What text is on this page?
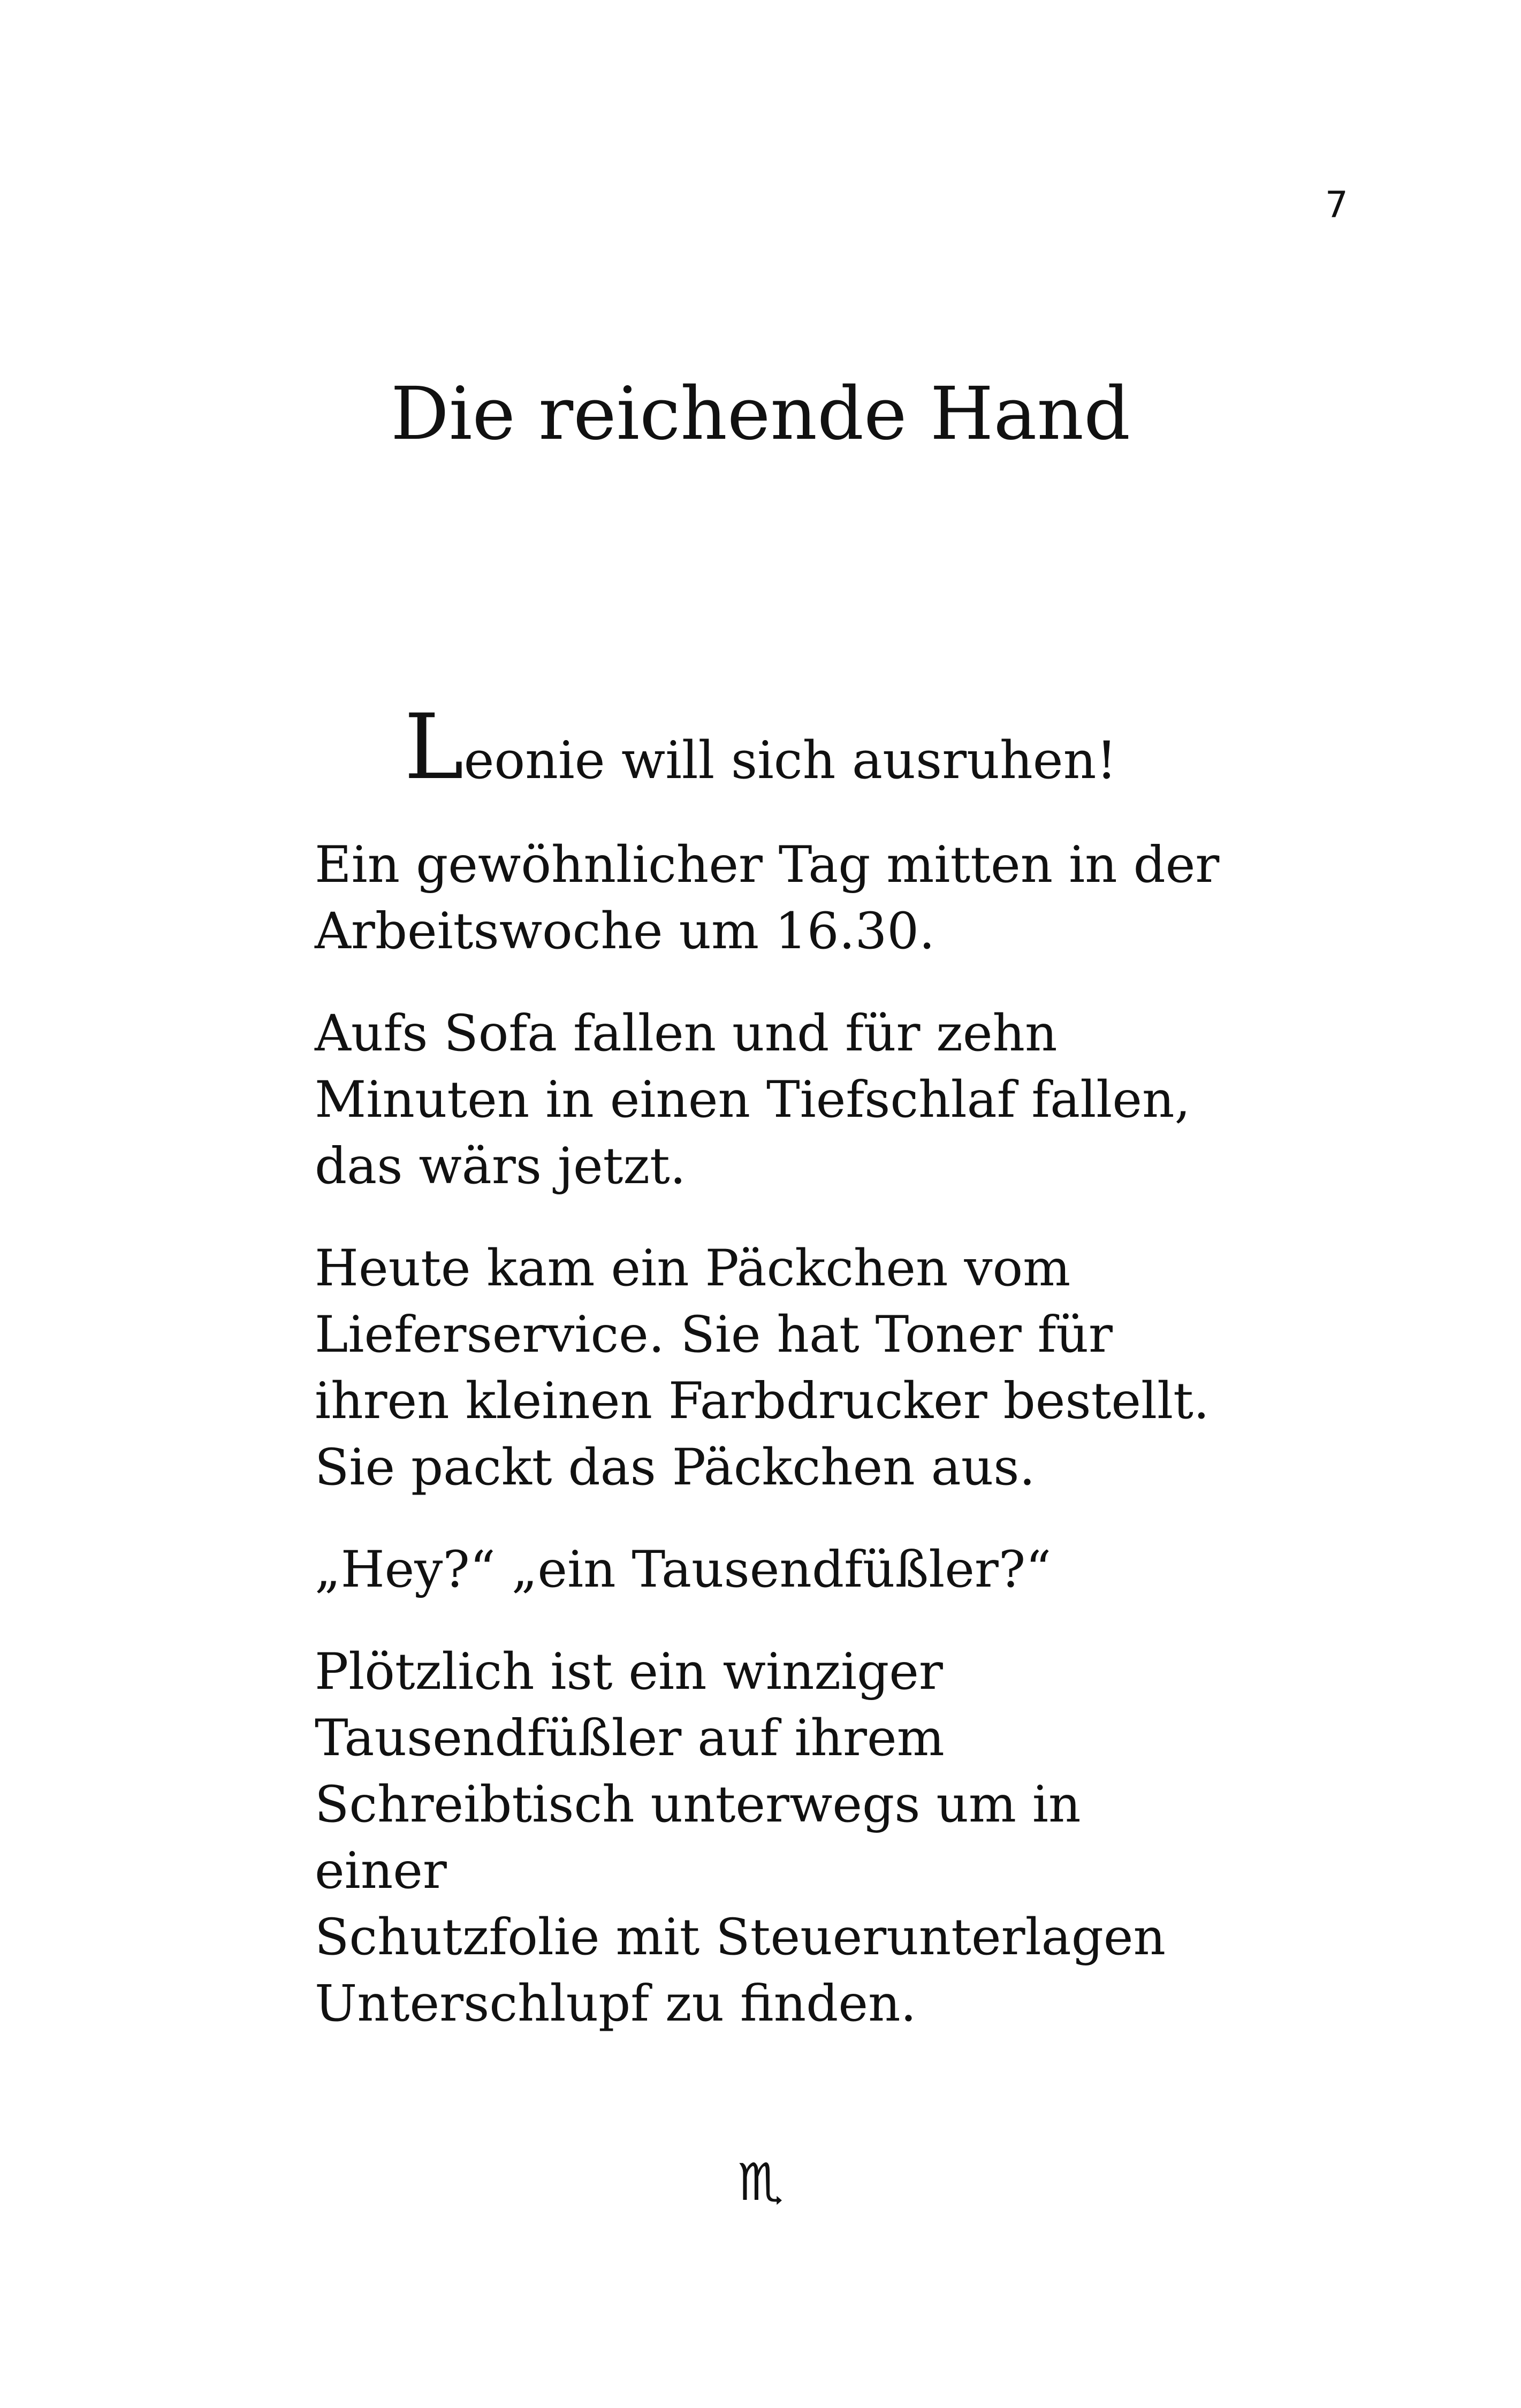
7
Die reichende Hand
Leonie will sich ausruhen!

Ein gewöhnlicher Tag mitten in der
Arbeitswoche um 16.30.

Aufs Sofa fallen und für zehn
Minuten in einen Tiefschlaf fallen,
das wärs jetzt.

Heute kam ein Päckchen vom
Lieferservice. Sie hat Toner für
ihren kleinen Farbdrucker bestellt.
Sie packt das Päckchen aus.

„Hey?“ „ein Tausendfüßler?“

Plötzlich ist ein winziger
Tausendfüßler auf ihrem
Schreibtisch unterwegs um in einer
Schutzfolie mit Steuerunterlagen
Unterschlupf zu finden.

♏
